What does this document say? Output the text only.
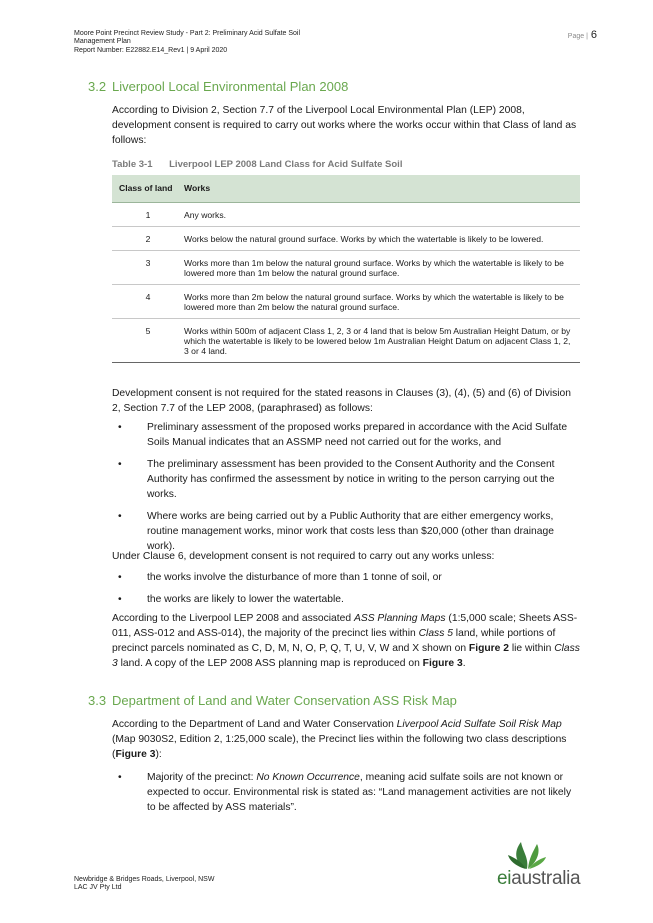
Moore Point Precinct Review Study - Part 2: Preliminary Acid Sulfate Soil
Management Plan
Report Number: E22882.E14_Rev1 | 9 April 2020
Page | 6
3.2 Liverpool Local Environmental Plan 2008
According to Division 2, Section 7.7 of the Liverpool Local Environmental Plan (LEP) 2008, development consent is required to carry out works where the works occur within that Class of land as follows:
Table 3-1 Liverpool LEP 2008 Land Class for Acid Sulfate Soil
Class of land	Works
1	Any works.
2	Works below the natural ground surface. Works by which the watertable is likely to be lowered.
3	Works more than 1m below the natural ground surface. Works by which the watertable is likely to be lowered more than 1m below the natural ground surface.
4	Works more than 2m below the natural ground surface. Works by which the watertable is likely to be lowered more than 2m below the natural ground surface.
5	Works within 500m of adjacent Class 1, 2, 3 or 4 land that is below 5m Australian Height Datum, or by which the watertable is likely to be lowered below 1m Australian Height Datum on adjacent Class 1, 2, 3 or 4 land.
Development consent is not required for the stated reasons in Clauses (3), (4), (5) and (6) of Division 2, Section 7.7 of the LEP 2008, (paraphrased) as follows:
• Preliminary assessment of the proposed works prepared in accordance with the Acid Sulfate Soils Manual indicates that an ASSMP need not carried out for the works, and
• The preliminary assessment has been provided to the Consent Authority and the Consent Authority has confirmed the assessment by notice in writing to the person carrying out the works.
• Where works are being carried out by a Public Authority that are either emergency works, routine management works, minor work that costs less than $20,000 (other than drainage work).
Under Clause 6, development consent is not required to carry out any works unless:
• the works involve the disturbance of more than 1 tonne of soil, or
• the works are likely to lower the watertable.
According to the Liverpool LEP 2008 and associated ASS Planning Maps (1:5,000 scale; Sheets ASS-011, ASS-012 and ASS-014), the majority of the precinct lies within Class 5 land, while portions of precinct parcels nominated as C, D, M, N, O, P, Q, T, U, V, W and X shown on Figure 2 lie within Class 3 land. A copy of the LEP 2008 ASS planning map is reproduced on Figure 3.
3.3 Department of Land and Water Conservation ASS Risk Map
According to the Department of Land and Water Conservation Liverpool Acid Sulfate Soil Risk Map (Map 9030S2, Edition 2, 1:25,000 scale), the Precinct lies within the following two class descriptions (Figure 3):
• Majority of the precinct: No Known Occurrence, meaning acid sulfate soils are not known or expected to occur. Environmental risk is stated as: “Land management activities are not likely to be affected by ASS materials”.
Newbridge & Bridges Roads, Liverpool, NSW
LAC JV Pty Ltd	eiaustralia
